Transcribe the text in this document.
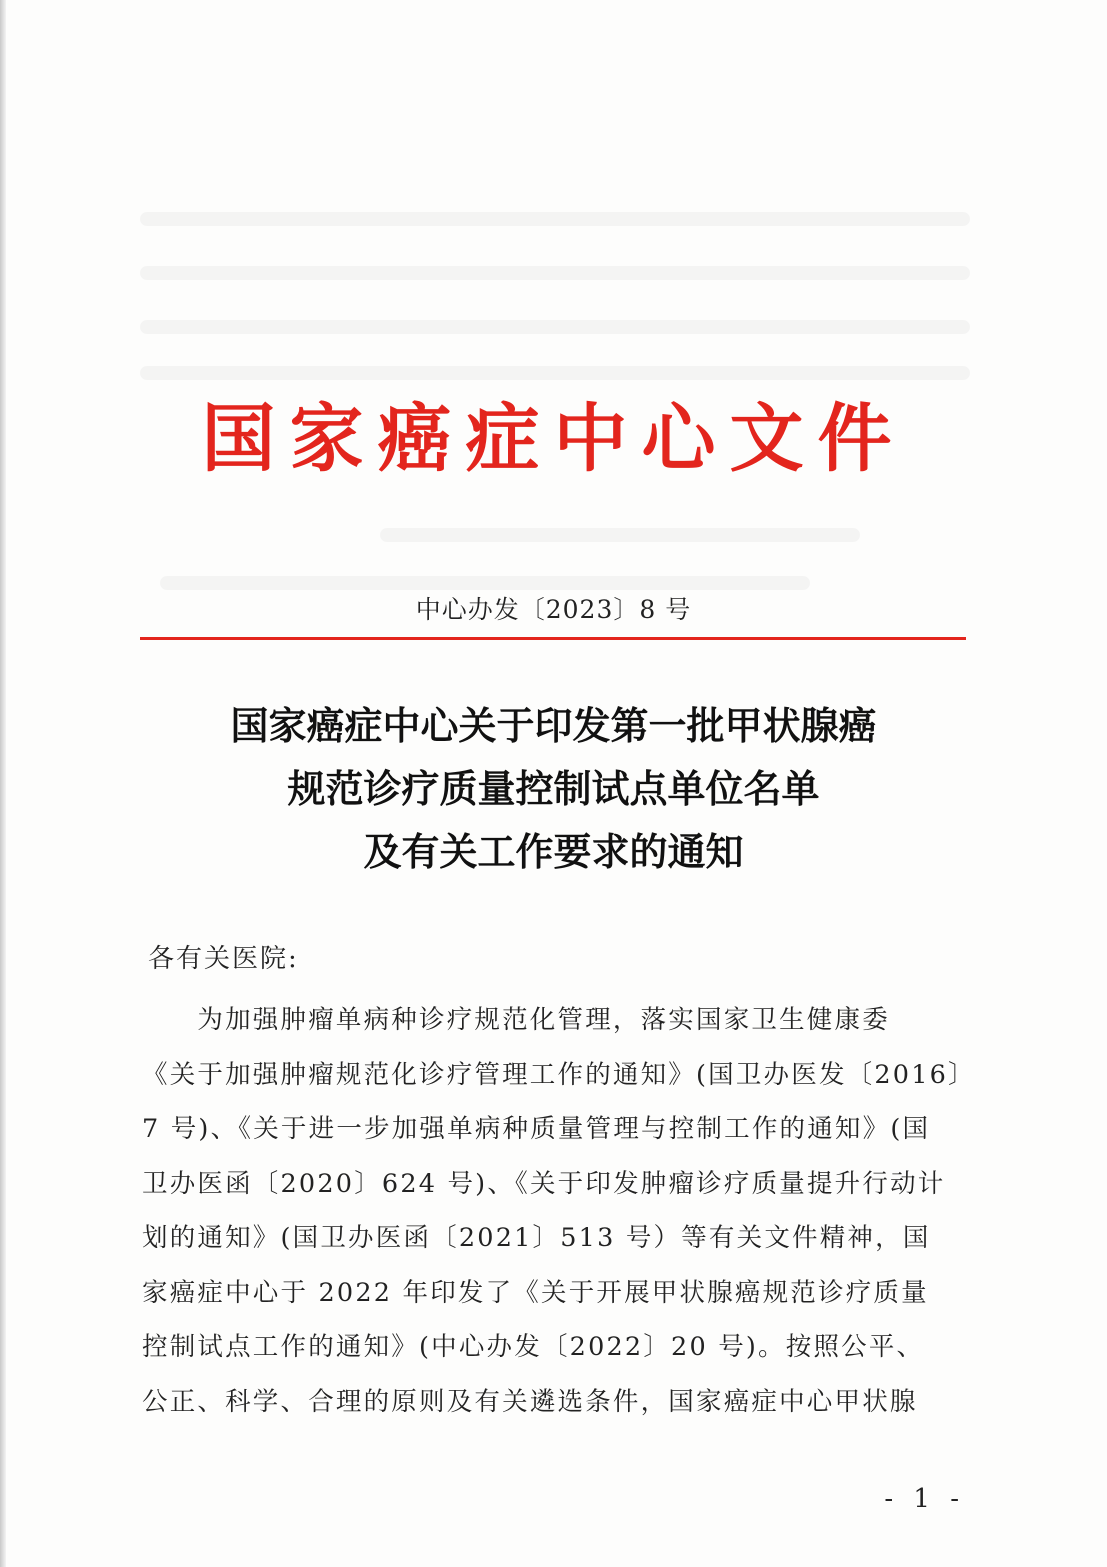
国家癌症中心文件
中心办发〔2023〕8 号
国家癌症中心关于印发第一批甲状腺癌
规范诊疗质量控制试点单位名单
及有关工作要求的通知
各有关医院:
　　为加强肿瘤单病种诊疗规范化管理，落实国家卫生健康委
《关于加强肿瘤规范化诊疗管理工作的通知》(国卫办医发〔2016〕
7 号)、《关于进一步加强单病种质量管理与控制工作的通知》(国
卫办医函〔2020〕624 号)、《关于印发肿瘤诊疗质量提升行动计
划的通知》(国卫办医函〔2021〕513 号）等有关文件精神，国
家癌症中心于 2022 年印发了《关于开展甲状腺癌规范诊疗质量
控制试点工作的通知》(中心办发〔2022〕20 号)。按照公平、
公正、科学、合理的原则及有关遴选条件，国家癌症中心甲状腺
- 1 -
